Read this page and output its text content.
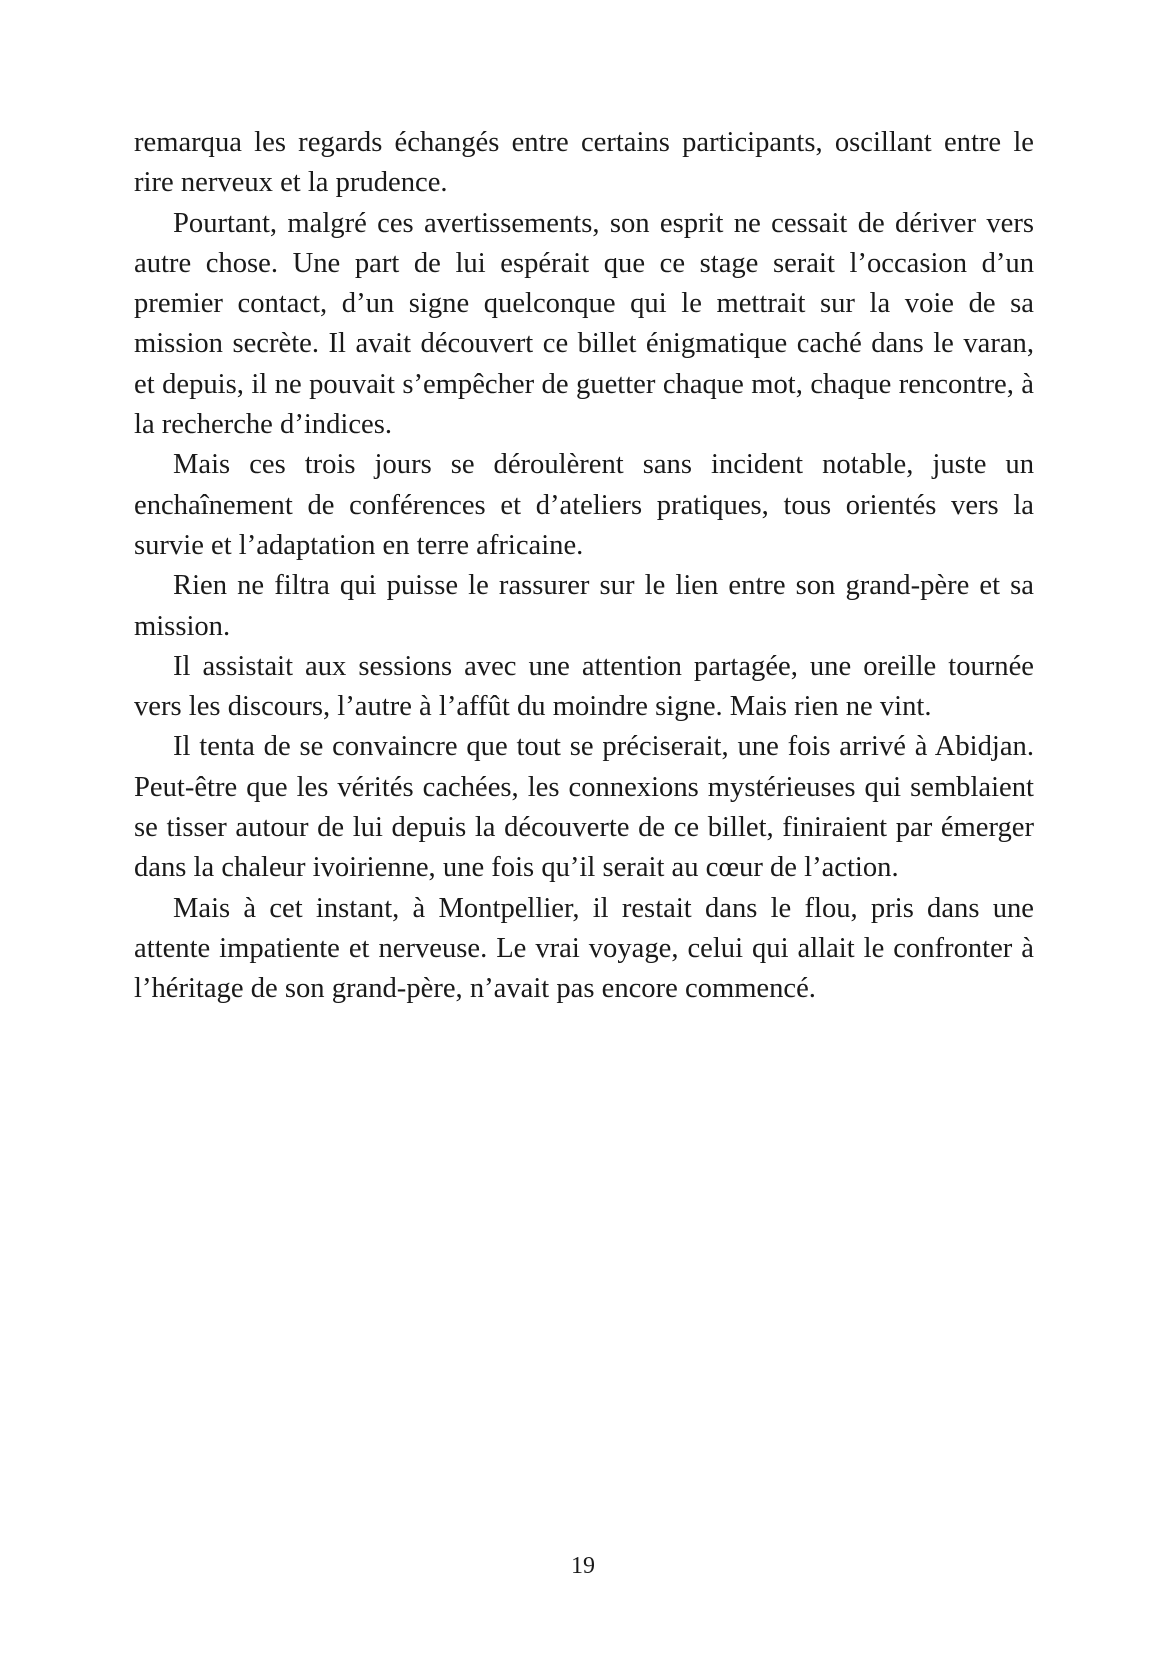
remarqua les regards échangés entre certains participants, oscillant entre le rire nerveux et la prudence.

Pourtant, malgré ces avertissements, son esprit ne cessait de dériver vers autre chose. Une part de lui espérait que ce stage serait l’occasion d’un premier contact, d’un signe quelconque qui le mettrait sur la voie de sa mission secrète. Il avait découvert ce billet énigmatique caché dans le varan, et depuis, il ne pouvait s’empêcher de guetter chaque mot, chaque rencontre, à la recherche d’indices.

Mais ces trois jours se déroulèrent sans incident notable, juste un enchaînement de conférences et d’ateliers pratiques, tous orientés vers la survie et l’adaptation en terre africaine.

Rien ne filtra qui puisse le rassurer sur le lien entre son grand-père et sa mission.

Il assistait aux sessions avec une attention partagée, une oreille tournée vers les discours, l’autre à l’affût du moindre signe. Mais rien ne vint.

Il tenta de se convaincre que tout se préciserait, une fois arrivé à Abidjan. Peut-être que les vérités cachées, les connexions mystérieuses qui semblaient se tisser autour de lui depuis la découverte de ce billet, finiraient par émerger dans la chaleur ivoirienne, une fois qu’il serait au cœur de l’action.

Mais à cet instant, à Montpellier, il restait dans le flou, pris dans une attente impatiente et nerveuse. Le vrai voyage, celui qui allait le confronter à l’héritage de son grand-père, n’avait pas encore commencé.

19
